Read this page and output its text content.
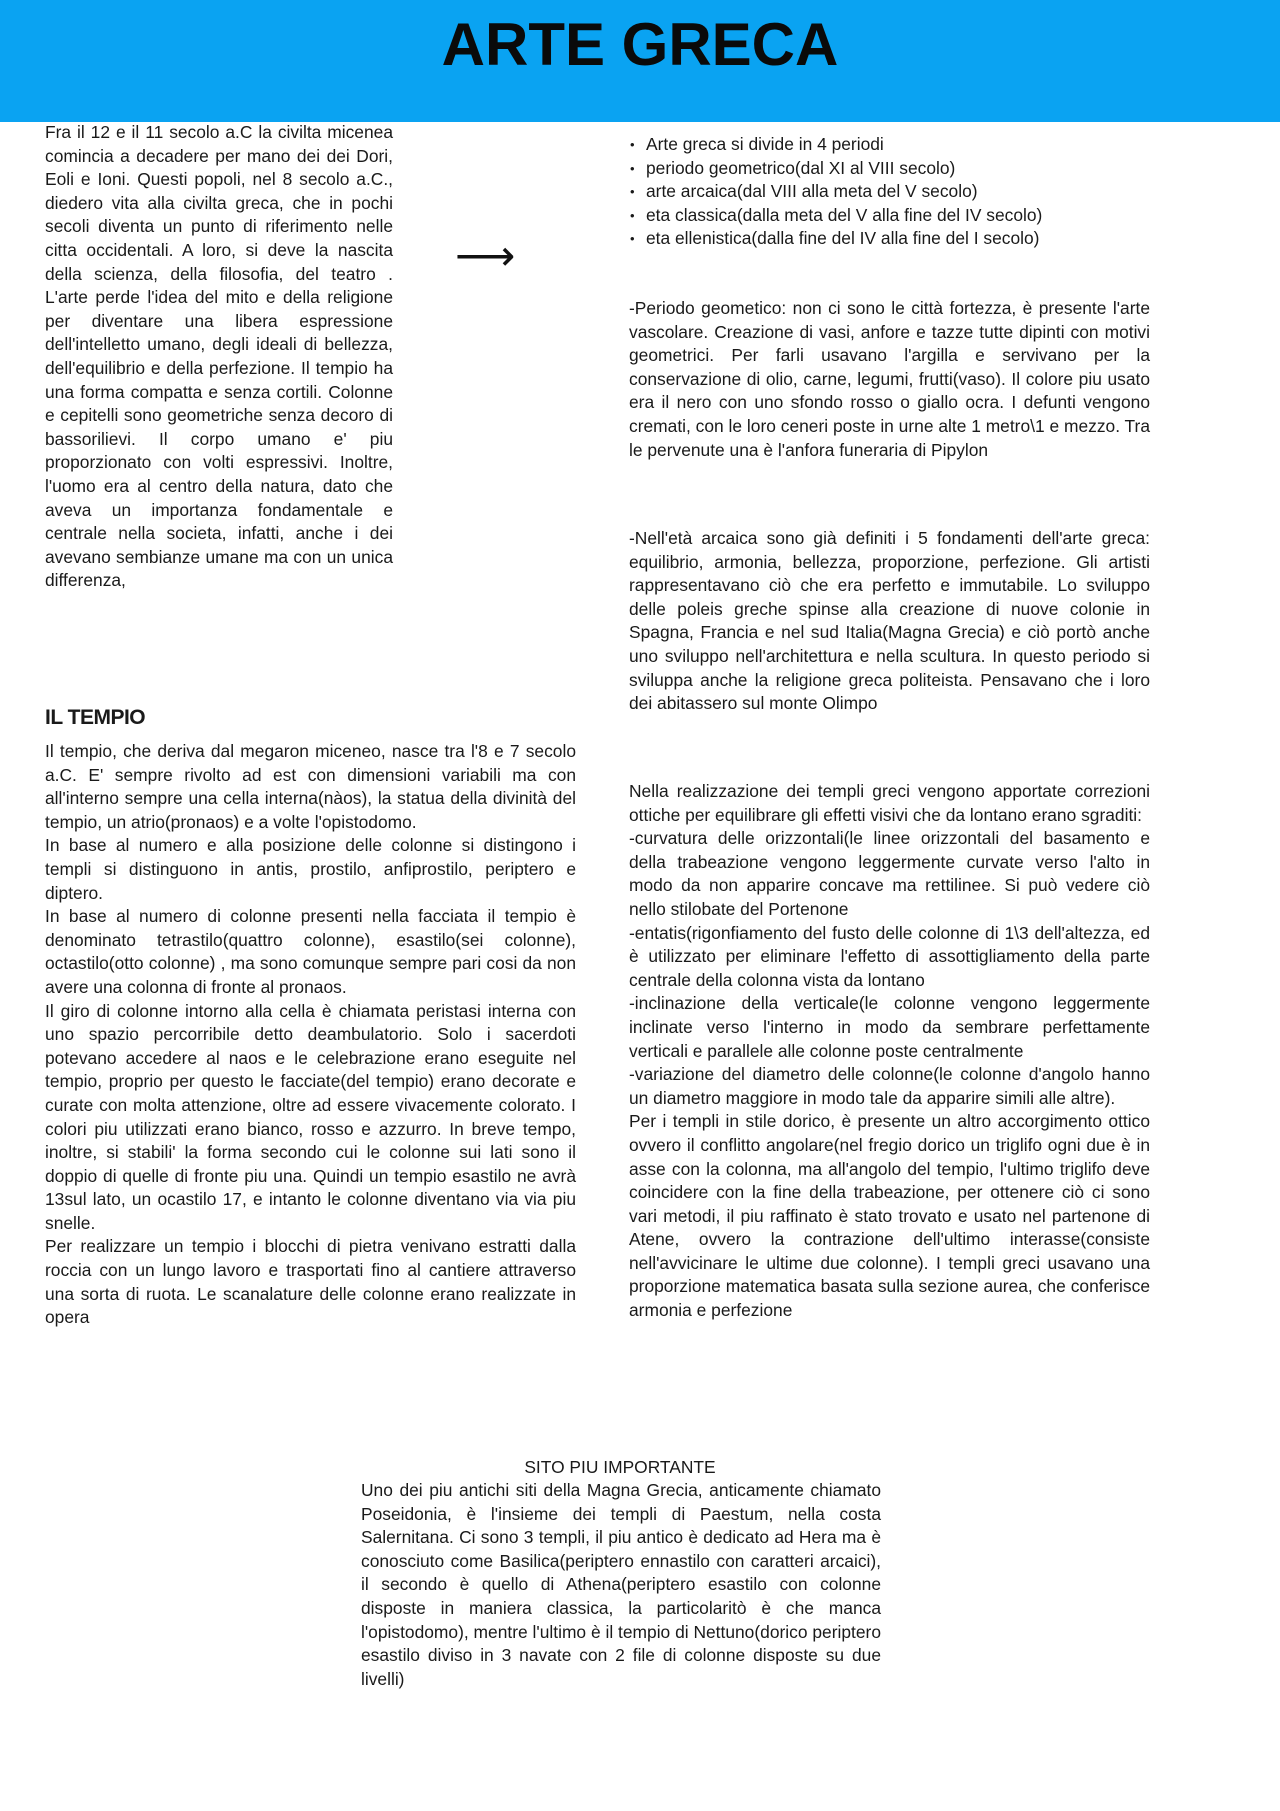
ARTE GRECA

Fra il 12 e il 11 secolo a.C la civilta micenea comincia a decadere per mano dei dei Dori, Eoli e Ioni. Questi popoli, nel 8 secolo a.C., diedero vita alla civilta greca, che in pochi secoli diventa un punto di riferimento nelle citta occidentali. A loro, si deve la nascita della scienza, della filosofia, del teatro . L'arte perde l'idea del mito e della religione per diventare una libera espressione dell'intelletto umano, degli ideali di bellezza, dell'equilibrio e della perfezione. Il tempio ha una forma compatta e senza cortili. Colonne e cepitelli sono geometriche senza decoro di bassorilievi. Il corpo umano e' piu proporzionato con volti espressivi. Inoltre, l'uomo era al centro della natura, dato che aveva un importanza fondamentale e centrale nella societa, infatti, anche i dei avevano sembianze umane ma con un unica differenza,

⟶
• Arte greca si divide in 4 periodi
• periodo geometrico(dal XI al VIII secolo)
• arte arcaica(dal VIII alla meta del V secolo)
• eta classica(dalla meta del V alla fine del IV secolo)
• eta ellenistica(dalla fine del IV alla fine del I secolo)

-Periodo geometico: non ci sono le città fortezza, è presente l'arte vascolare. Creazione di vasi, anfore e tazze tutte dipinti con motivi geometrici. Per farli usavano l'argilla e servivano per la conservazione di olio, carne, legumi, frutti(vaso). Il colore piu usato era il nero con uno sfondo rosso o giallo ocra. I defunti vengono cremati, con le loro ceneri poste in urne alte 1 metro\1 e mezzo. Tra le pervenute una è l'anfora funeraria di Pipylon

-Nell'età arcaica sono già definiti i 5 fondamenti dell'arte greca: equilibrio, armonia, bellezza, proporzione, perfezione. Gli artisti rappresentavano ciò che era perfetto e immutabile. Lo sviluppo delle poleis greche spinse alla creazione di nuove colonie in Spagna, Francia e nel sud Italia(Magna Grecia) e ciò portò anche uno sviluppo nell'architettura e nella scultura. In questo periodo si sviluppa anche la religione greca politeista. Pensavano che i loro dei abitassero sul monte Olimpo

Nella realizzazione dei templi greci vengono apportate correzioni ottiche per equilibrare gli effetti visivi che da lontano erano sgraditi:

-curvatura delle orizzontali(le linee orizzontali del basamento e della trabeazione vengono leggermente curvate verso l'alto in modo da non apparire concave ma rettilinee. Si può vedere ciò nello stilobate del Portenone

-entatis(rigonfiamento del fusto delle colonne di 1\3 dell'altezza, ed è utilizzato per eliminare l'effetto di assottigliamento della parte centrale della colonna vista da lontano

-inclinazione della verticale(le colonne vengono leggermente inclinate verso l'interno in modo da sembrare perfettamente verticali e parallele alle colonne poste centralmente

-variazione del diametro delle colonne(le colonne d'angolo hanno un diametro maggiore in modo tale da apparire simili alle altre).

Per i templi in stile dorico, è presente un altro accorgimento ottico ovvero il conflitto angolare(nel fregio dorico un triglifo ogni due è in asse con la colonna, ma all'angolo del tempio, l'ultimo triglifo deve coincidere con la fine della trabeazione, per ottenere ciò ci sono vari metodi, il piu raffinato è stato trovato e usato nel partenone di Atene, ovvero la contrazione dell'ultimo interasse(consiste nell'avvicinare le ultime due colonne). I templi greci usavano una proporzione matematica basata sulla sezione aurea, che conferisce armonia e perfezione

IL TEMPIO

Il tempio, che deriva dal megaron miceneo, nasce tra l'8 e 7 secolo a.C. E' sempre rivolto ad est con dimensioni variabili ma con all'interno sempre una cella interna(nàos), la statua della divinità del tempio, un atrio(pronaos) e a volte l'opistodomo.

In base al numero e alla posizione delle colonne si distingono i templi si distinguono in antis, prostilo, anfiprostilo, periptero e diptero.

In base al numero di colonne presenti nella facciata il tempio è denominato tetrastilo(quattro colonne), esastilo(sei colonne), octastilo(otto colonne) , ma sono comunque sempre pari cosi da non avere una colonna di fronte al pronaos.

Il giro di colonne intorno alla cella è chiamata peristasi interna con uno spazio percorribile detto deambulatorio. Solo i sacerdoti potevano accedere al naos e le celebrazione erano eseguite nel tempio, proprio per questo le facciate(del tempio) erano decorate e curate con molta attenzione, oltre ad essere vivacemente colorato. I colori piu utilizzati erano bianco, rosso e azzurro. In breve tempo, inoltre, si stabili' la forma secondo cui le colonne sui lati sono il doppio di quelle di fronte piu una. Quindi un tempio esastilo ne avrà 13sul lato, un ocastilo 17, e intanto le colonne diventano via via piu snelle.

Per realizzare un tempio i blocchi di pietra venivano estratti dalla roccia con un lungo lavoro e trasportati fino al cantiere attraverso una sorta di ruota. Le scanalature delle colonne erano realizzate in opera

SITO PIU IMPORTANTE

Uno dei piu antichi siti della Magna Grecia, anticamente chiamato Poseidonia, è l'insieme dei templi di Paestum, nella costa Salernitana. Ci sono 3 templi, il piu antico è dedicato ad Hera ma è conosciuto come Basilica(periptero ennastilo con caratteri arcaici), il secondo è quello di Athena(periptero esastilo con colonne disposte in maniera classica, la particolaritò è che manca l'opistodomo), mentre l'ultimo è il tempio di Nettuno(dorico periptero esastilo diviso in 3 navate con 2 file di colonne disposte su due livelli)
